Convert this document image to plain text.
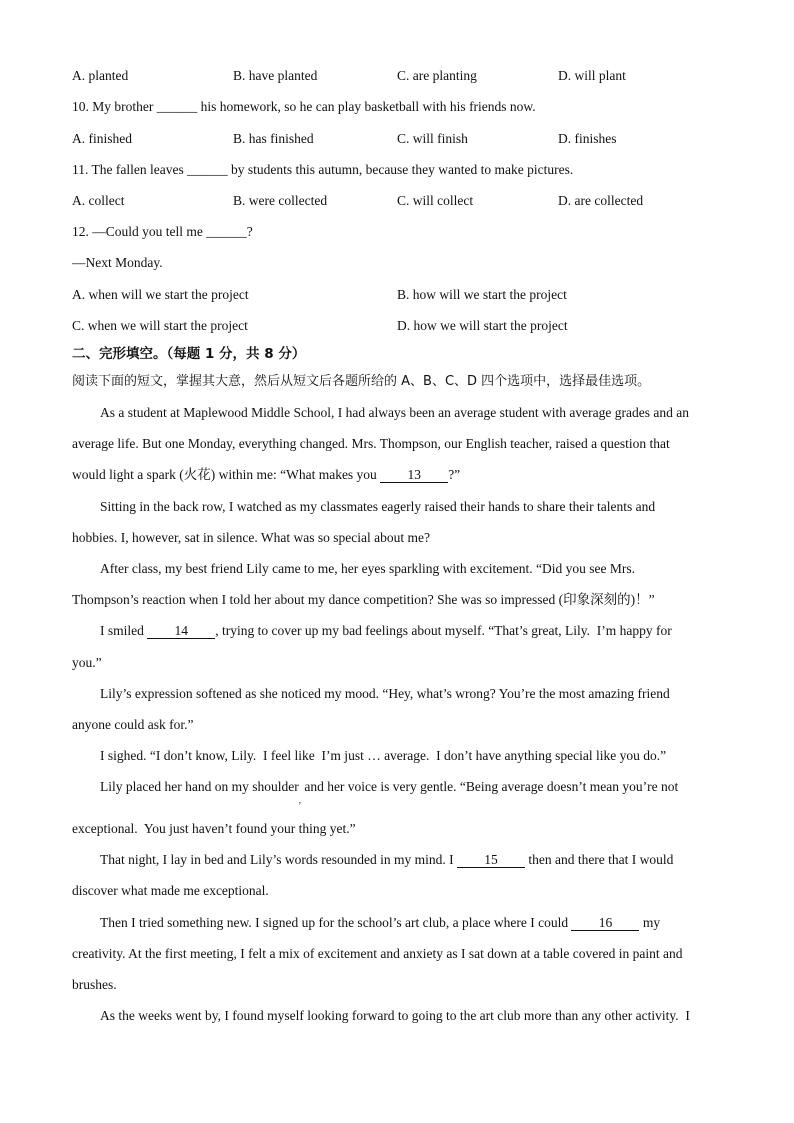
A. planted	B. have planted	C. are planting	D. will plant
10. My brother ______ his homework, so he can play basketball with his friends now.
A. finished	B. has finished	C. will finish	D. finishes
11. The fallen leaves ______ by students this autumn, because they wanted to make pictures.
A. collect	B. were collected	C. will collect	D. are collected
12. —Could you tell me ______?
—Next Monday.
A. when will we start the project	B. how will we start the project
C. when we will start the project	D. how we will start the project
二、完形填空。（每题 1 分，共 8 分）
阅读下面的短文，掌握其大意，然后从短文后各题所给的 A、B、C、D 四个选项中，选择最佳选项。
As a student at Maplewood Middle School, I had always been an average student with average grades and an
average life. But one Monday, everything changed. Mrs. Thompson, our English teacher, raised a question that
would light a spark (火花) within me: “What makes you 13 ?”
Sitting in the back row, I watched as my classmates eagerly raised their hands to share their talents and
hobbies. I, however, sat in silence. What was so special about me?
After class, my best friend Lily came to me, her eyes sparkling with excitement. “Did you see Mrs.
Thompson’s reaction when I told her about my dance competition? She was so impressed (印象深刻的)！”
I smiled 14 , trying to cover up my bad feelings about myself. “That’s great, Lily.  I’m happy for
you.”
Lily’s expression softened as she noticed my mood. “Hey, what’s wrong? You’re the most amazing friend
anyone could ask for.”
I sighed. “I don’t know, Lily.  I feel like  I’m just … average.  I don’t have anything special like you do.”
Lily placed her hand on my shoulder$_,$ and her voice is very gentle. “Being average doesn’t mean you’re not
exceptional.  You just haven’t found your thing yet.”
That night, I lay in bed and Lily’s words resounded in my mind. I 15 then and there that I would
discover what made me exceptional.
Then I tried something new. I signed up for the school’s art club, a place where I could 16 my
creativity. At the first meeting, I felt a mix of excitement and anxiety as I sat down at a table covered in paint and
brushes.
As the weeks went by, I found myself looking forward to going to the art club more than any other activity.  I
